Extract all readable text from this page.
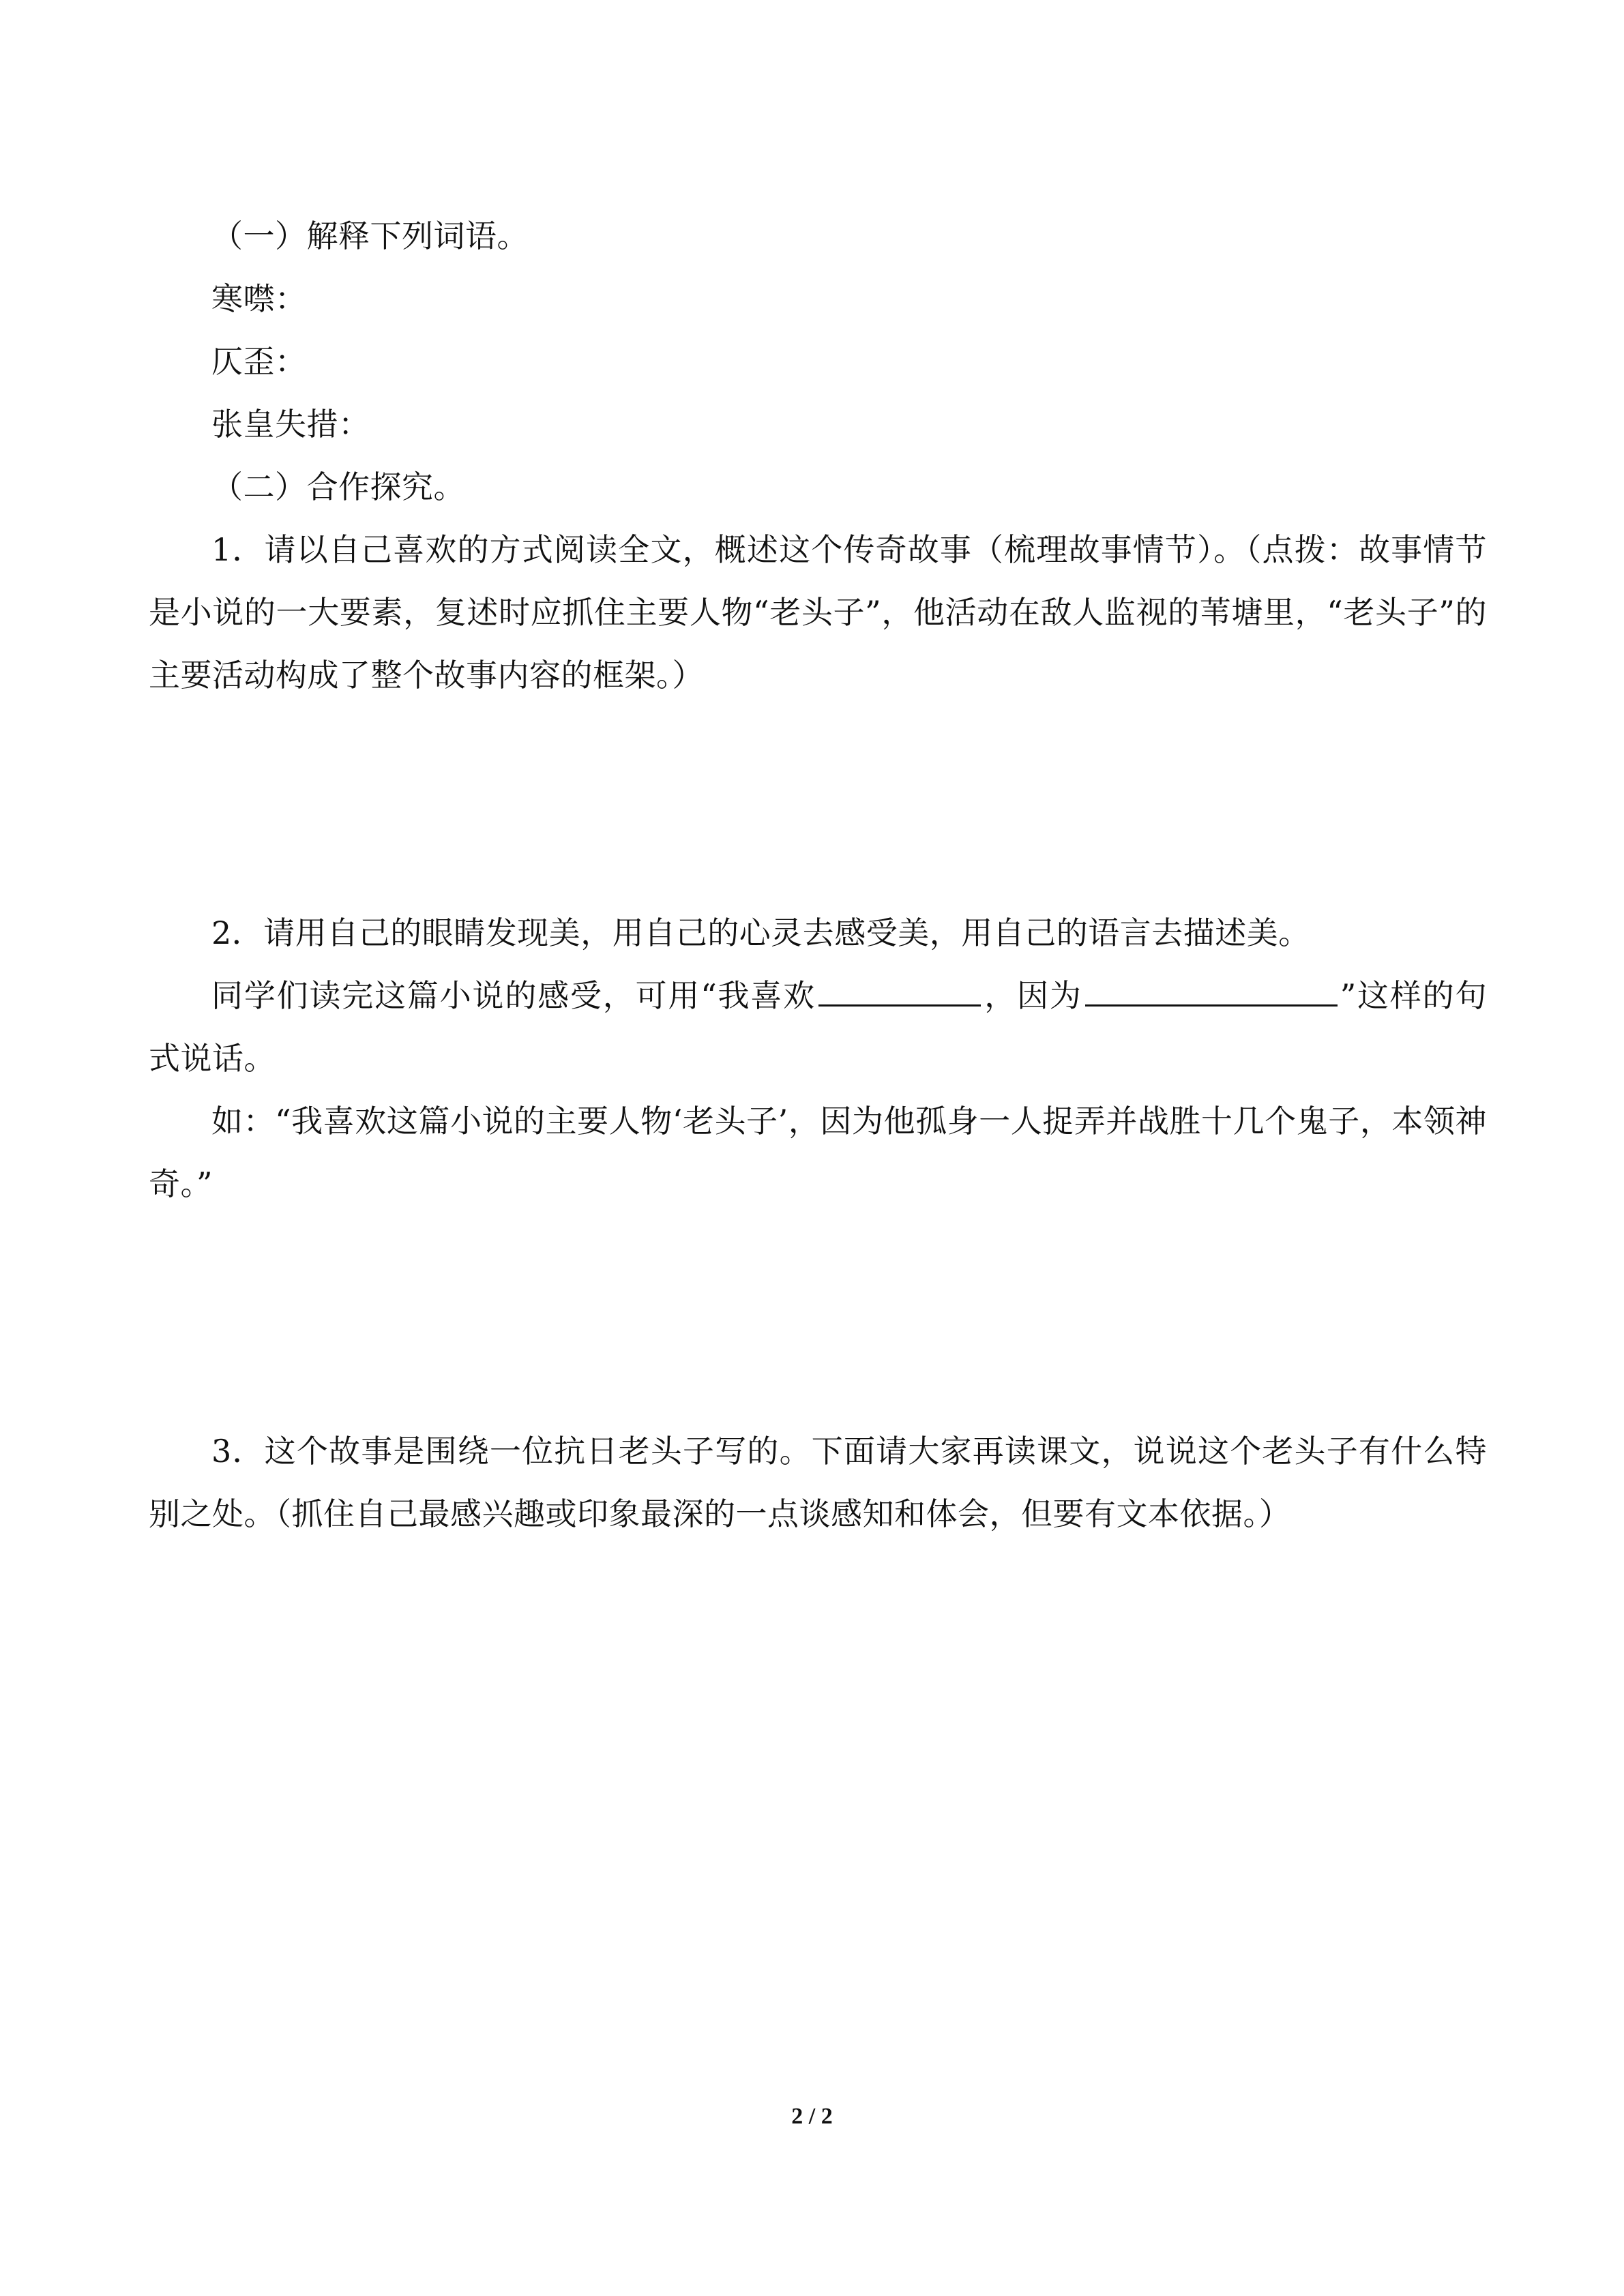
（一）解释下列词语。

寒噤：

仄歪：

张皇失措：

（二）合作探究。

1．请以自己喜欢的方式阅读全文，概述这个传奇故事（梳理故事情节）。（点拨：故事情节是小说的一大要素，复述时应抓住主要人物“老头子”，他活动在敌人监视的苇塘里，“老头子”的主要活动构成了整个故事内容的框架。）

2．请用自己的眼睛发现美，用自己的心灵去感受美，用自己的语言去描述美。

同学们读完这篇小说的感受，可用“我喜欢	，因为	”这样的句式说话。

如：“我喜欢这篇小说的主要人物‘老头子’，因为他孤身一人捉弄并战胜十几个鬼子，本领神奇。”

3．这个故事是围绕一位抗日老头子写的。下面请大家再读课文，说说这个老头子有什么特别之处。（抓住自己最感兴趣或印象最深的一点谈感知和体会，但要有文本依据。）

2 / 2
